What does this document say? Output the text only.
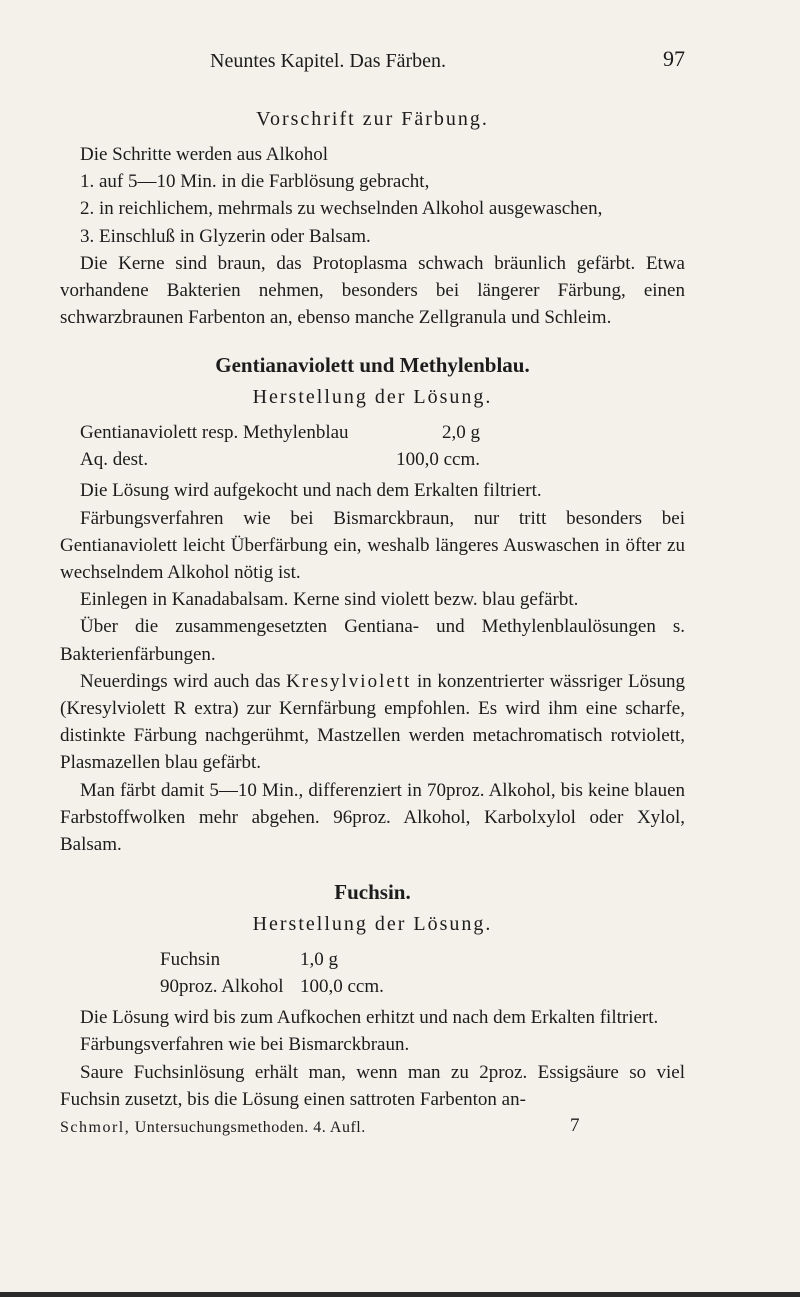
Neuntes Kapitel. Das Färben.	97
Vorschrift zur Färbung.

Die Schritte werden aus Alkohol

1. auf 5—10 Min. in die Farblösung gebracht,

2. in reichlichem, mehrmals zu wechselnden Alkohol ausgewaschen,

3. Einschluß in Glyzerin oder Balsam.

Die Kerne sind braun, das Protoplasma schwach bräunlich gefärbt. Etwa vorhandene Bakterien nehmen, besonders bei längerer Färbung, einen schwarzbraunen Farbenton an, ebenso manche Zellgranula und Schleim.

Gentianaviolett und Methylenblau.
Herstellung der Lösung.
Gentianaviolett resp. Methylenblau	2,0 g
Aq. dest.	100,0 ccm.

Die Lösung wird aufgekocht und nach dem Erkalten filtriert.

Färbungsverfahren wie bei Bismarckbraun, nur tritt besonders bei Gentianaviolett leicht Überfärbung ein, weshalb längeres Auswaschen in öfter zu wechselndem Alkohol nötig ist.

Einlegen in Kanadabalsam. Kerne sind violett bezw. blau gefärbt.

Über die zusammengesetzten Gentiana- und Methylenblaulösungen s. Bakterienfärbungen.

Neuerdings wird auch das Kresylviolett in konzentrierter wässriger Lösung (Kresylviolett R extra) zur Kernfärbung empfohlen. Es wird ihm eine scharfe, distinkte Färbung nachgerühmt, Mastzellen werden metachromatisch rotviolett, Plasmazellen blau gefärbt.

Man färbt damit 5—10 Min., differenziert in 70proz. Alkohol, bis keine blauen Farbstoffwolken mehr abgehen. 96proz. Alkohol, Karbolxylol oder Xylol, Balsam.

Fuchsin.
Herstellung der Lösung.
Fuchsin	1,0 g
90proz. Alkohol 100,0 ccm.

Die Lösung wird bis zum Aufkochen erhitzt und nach dem Erkalten filtriert.

Färbungsverfahren wie bei Bismarckbraun.

Saure Fuchsinlösung erhält man, wenn man zu 2proz. Essigsäure so viel Fuchsin zusetzt, bis die Lösung einen sattroten Farbenton an-

Schmorl, Untersuchungsmethoden. 4. Aufl.	7
